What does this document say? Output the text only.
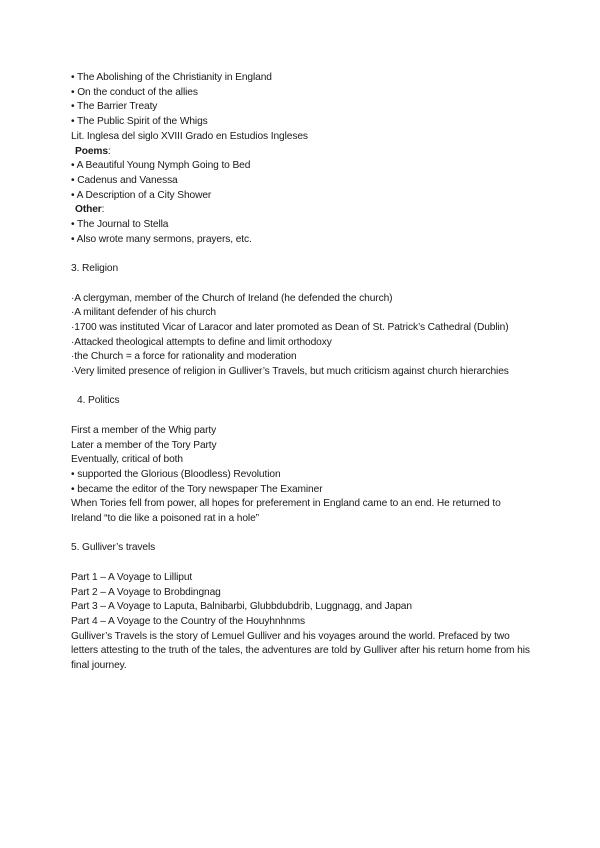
• The Abolishing of the Christianity in England
• On the conduct of the allies
• The Barrier Treaty
• The Public Spirit of the Whigs
Lit. Inglesa del siglo XVIII Grado en Estudios Ingleses
Poems:
• A Beautiful Young Nymph Going to Bed
• Cadenus and Vanessa
• A Description of a City Shower
Other:
• The Journal to Stella
• Also wrote many sermons, prayers, etc.
3. Religion
·A clergyman, member of the Church of Ireland (he defended the church)
·A militant defender of his church
·1700 was instituted Vicar of Laracor and later promoted as Dean of St. Patrick’s Cathedral (Dublin)
·Attacked theological attempts to define and limit orthodoxy
·the Church = a force for rationality and moderation
·Very limited presence of religion in Gulliver’s Travels, but much criticism against church hierarchies
4. Politics
First a member of the Whig party
Later a member of the Tory Party
Eventually, critical of both
• supported the Glorious (Bloodless) Revolution
• became the editor of the Tory newspaper The Examiner
When Tories fell from power, all hopes for preferement in England came to an end. He returned to Ireland “to die like a poisoned rat in a hole”
5. Gulliver’s travels
Part 1 – A Voyage to Lilliput
Part 2 – A Voyage to Brobdingnag
Part 3 – A Voyage to Laputa, Balnibarbi, Glubbdubdrib, Luggnagg, and Japan
Part 4 – A Voyage to the Country of the Houyhnhnms
Gulliver’s Travels is the story of Lemuel Gulliver and his voyages around the world. Prefaced by two letters attesting to the truth of the tales, the adventures are told by Gulliver after his return home from his final journey.
